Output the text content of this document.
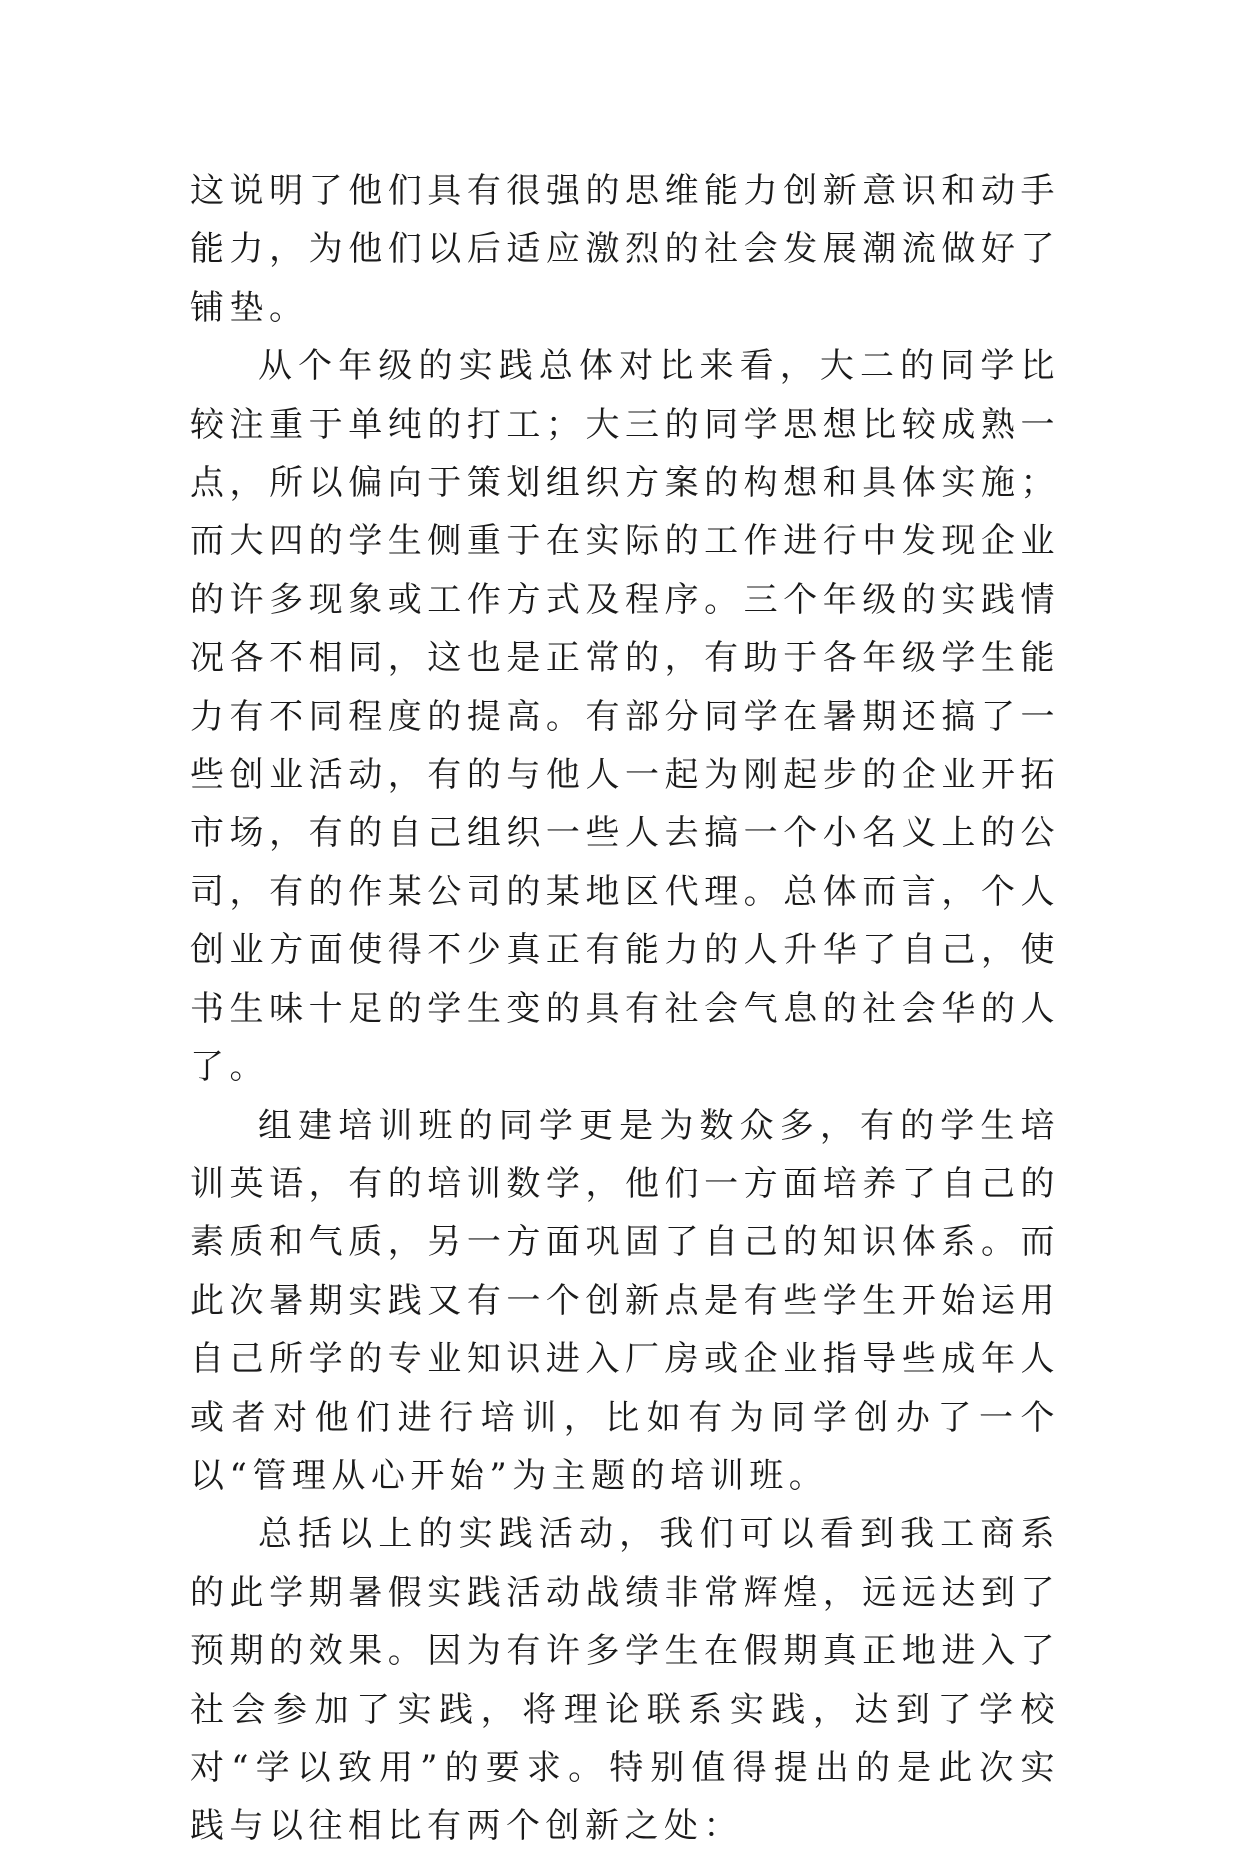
这说明了他们具有很强的思维能力创新意识和动手能力，为他们以后适应激烈的社会发展潮流做好了铺垫。

从个年级的实践总体对比来看，大二的同学比较注重于单纯的打工；大三的同学思想比较成熟一点，所以偏向于策划组织方案的构想和具体实施；而大四的学生侧重于在实际的工作进行中发现企业的许多现象或工作方式及程序。三个年级的实践情况各不相同，这也是正常的，有助于各年级学生能力有不同程度的提高。有部分同学在暑期还搞了一些创业活动，有的与他人一起为刚起步的企业开拓市场，有的自己组织一些人去搞一个小名义上的公司，有的作某公司的某地区代理。总体而言，个人创业方面使得不少真正有能力的人升华了自己，使书生味十足的学生变的具有社会气息的社会华的人了。

组建培训班的同学更是为数众多，有的学生培训英语，有的培训数学，他们一方面培养了自己的素质和气质，另一方面巩固了自己的知识体系。而此次暑期实践又有一个创新点是有些学生开始运用自己所学的专业知识进入厂房或企业指导些成年人或者对他们进行培训，比如有为同学创办了一个以“管理从心开始”为主题的培训班。

总括以上的实践活动，我们可以看到我工商系的此学期暑假实践活动战绩非常辉煌，远远达到了预期的效果。因为有许多学生在假期真正地进入了社会参加了实践，将理论联系实践，达到了学校对“学以致用”的要求。特别值得提出的是此次实践与以往相比有两个创新之处：
